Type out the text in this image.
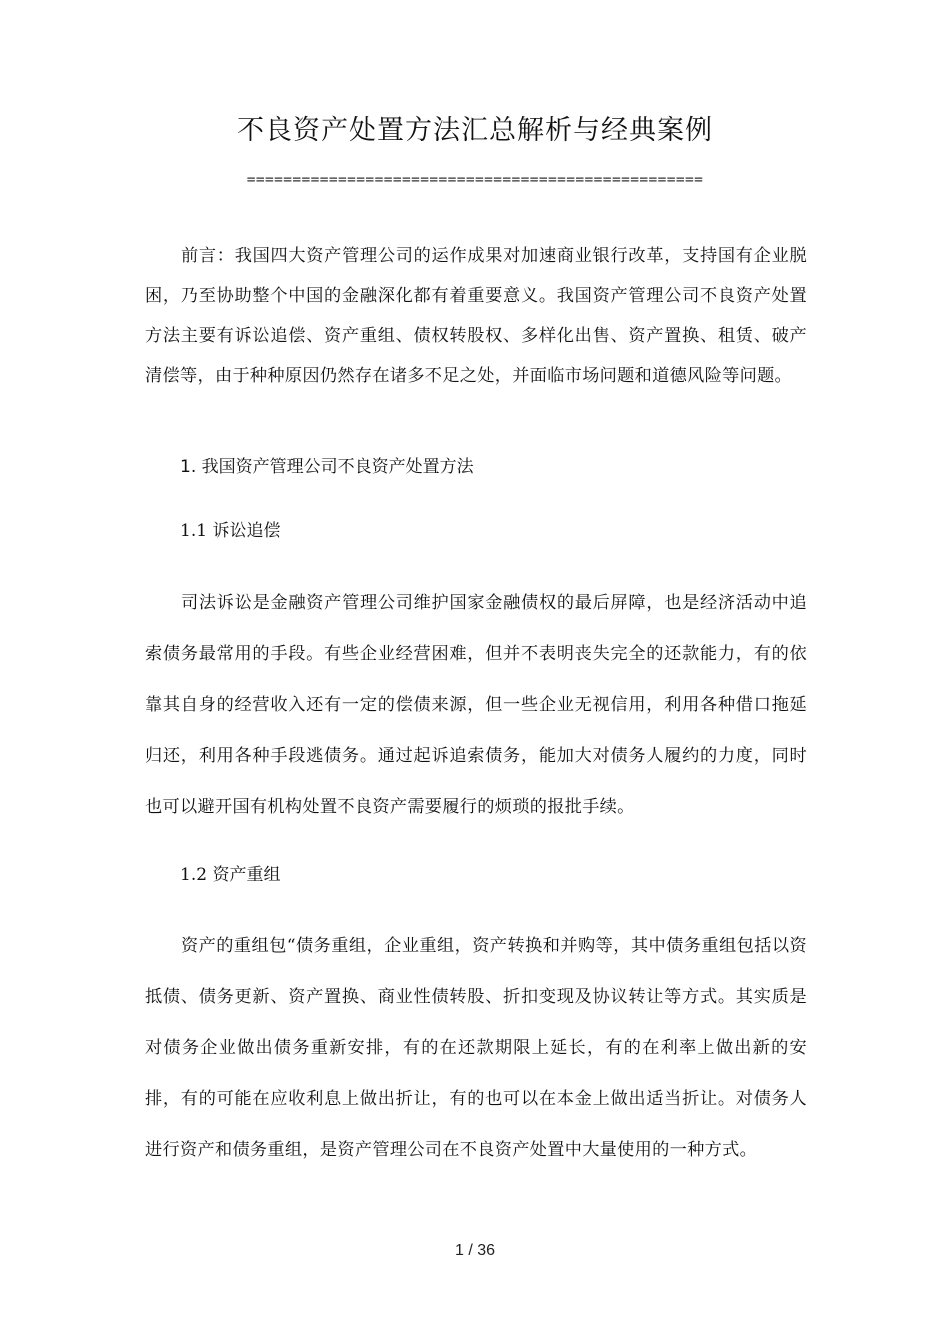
不良资产处置方法汇总解析与经典案例
==================================================
前言：我国四大资产管理公司的运作成果对加速商业银行改革，支持国有企业脱困，乃至协助整个中国的金融深化都有着重要意义。我国资产管理公司不良资产处置方法主要有诉讼追偿、资产重组、债权转股权、多样化出售、资产置换、租赁、破产清偿等，由于种种原因仍然存在诸多不足之处，并面临市场问题和道德风险等问题。
1. 我国资产管理公司不良资产处置方法
1.1 诉讼追偿
司法诉讼是金融资产管理公司维护国家金融债权的最后屏障，也是经济活动中追索债务最常用的手段。有些企业经营困难，但并不表明丧失完全的还款能力，有的依靠其自身的经营收入还有一定的偿债来源，但一些企业无视信用，利用各种借口拖延归还，利用各种手段逃债务。通过起诉追索债务，能加大对债务人履约的力度，同时也可以避开国有机构处置不良资产需要履行的烦琐的报批手续。
1.2 资产重组
资产的重组包“债务重组，企业重组，资产转换和并购等，其中债务重组包括以资抵债、债务更新、资产置换、商业性债转股、折扣变现及协议转让等方式。其实质是对债务企业做出债务重新安排，有的在还款期限上延长，有的在利率上做出新的安排，有的可能在应收利息上做出折让，有的也可以在本金上做出适当折让。对债务人进行资产和债务重组，是资产管理公司在不良资产处置中大量使用的一种方式。
1 / 36
